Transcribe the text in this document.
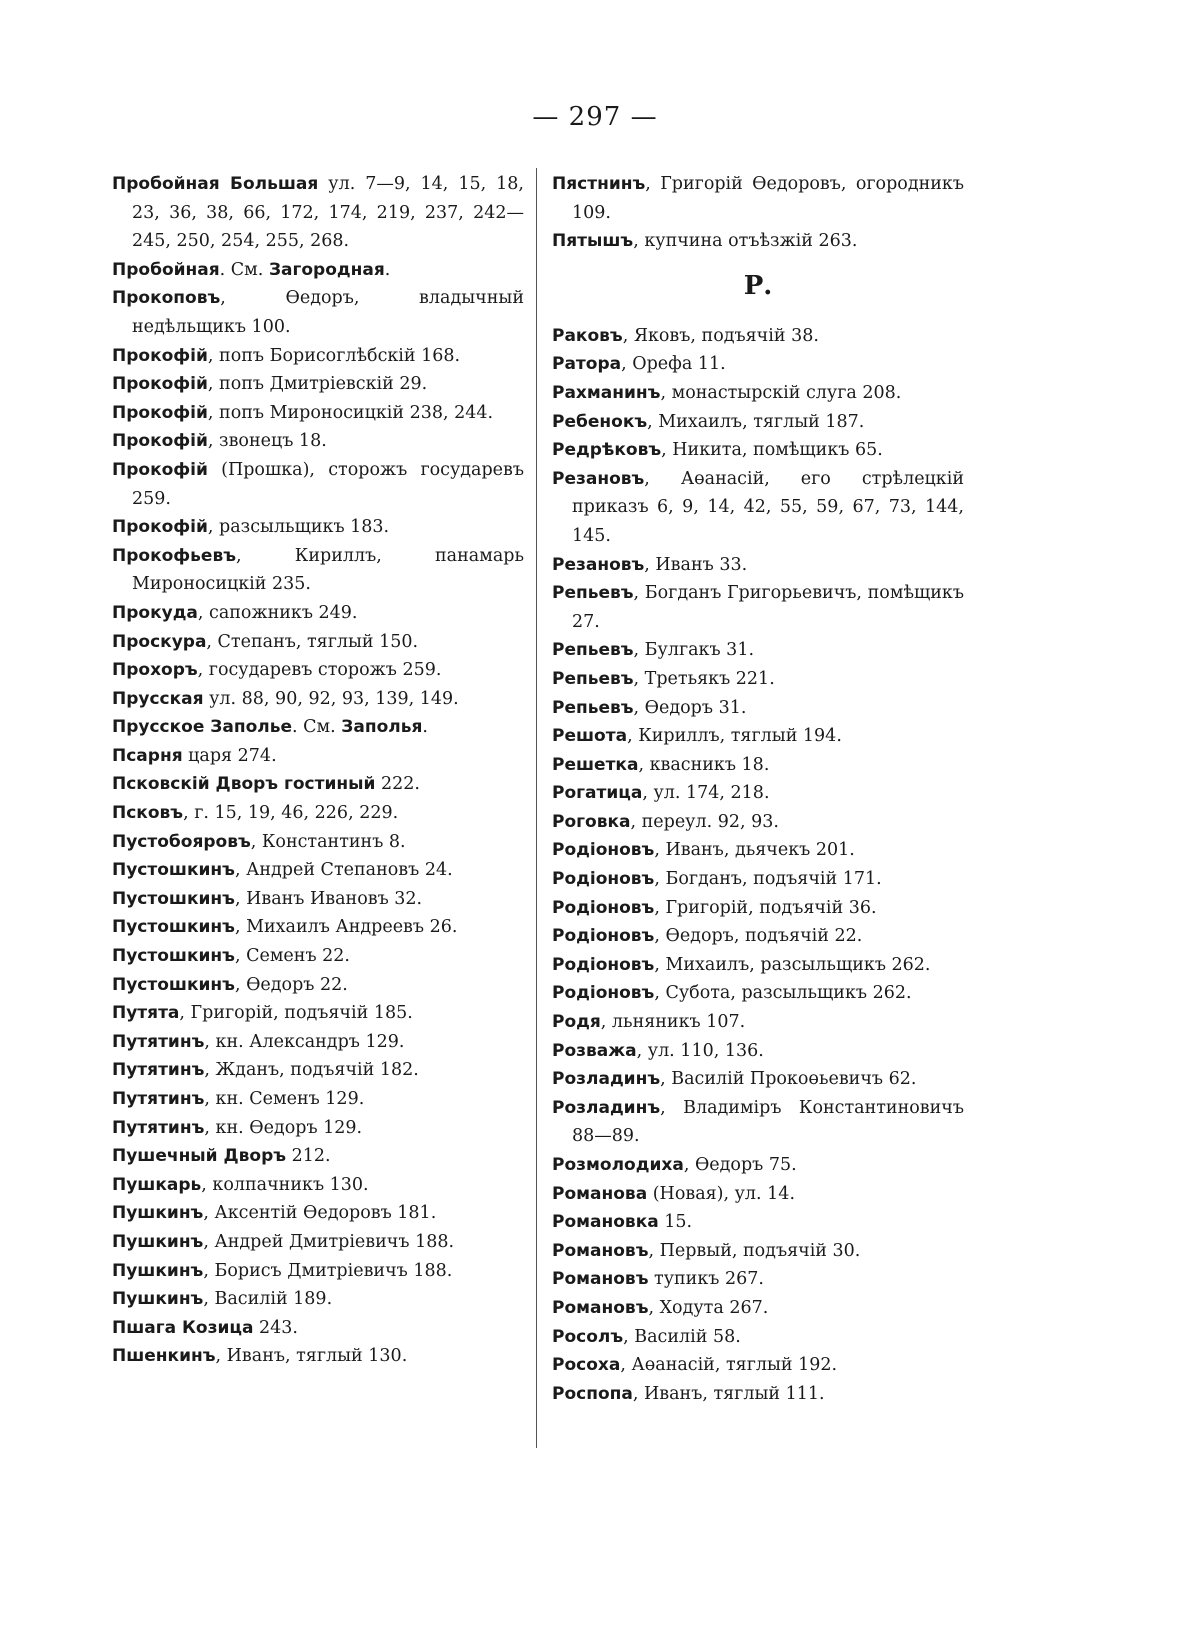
— 297 —
Пробойная Большая ул. 7—9, 14, 15, 18, 23, 36, 38, 66, 172, 174, 219, 237, 242—245, 250, 254, 255, 268.
Пробойная. См. Загородная.
Прокоповъ, Өедоръ, владычный недѣльщикъ 100.
Прокофій, попъ Борисоглѣбскій 168.
Прокофій, попъ Дмитріевскій 29.
Прокофій, попъ Мироносицкій 238, 244.
Прокофій, звонецъ 18.
Прокофій (Прошка), сторожъ государевъ 259.
Прокофій, разсыльщикъ 183.
Прокофьевъ, Кириллъ, панамарь Мироносицкій 235.
Прокуда, сапожникъ 249.
Проскура, Степанъ, тяглый 150.
Прохоръ, государевъ сторожъ 259.
Прусская ул. 88, 90, 92, 93, 139, 149.
Прусское Заполье. См. Заполья.
Псарня царя 274.
Псковскій Дворъ гостиный 222.
Псковъ, г. 15, 19, 46, 226, 229.
Пустобояровъ, Константинъ 8.
Пустошкинъ, Андрей Степановъ 24.
Пустошкинъ, Иванъ Ивановъ 32.
Пустошкинъ, Михаилъ Андреевъ 26.
Пустошкинъ, Семенъ 22.
Пустошкинъ, Өедоръ 22.
Путята, Григорій, подъячій 185.
Путятинъ, кн. Александръ 129.
Путятинъ, Жданъ, подъячій 182.
Путятинъ, кн. Семенъ 129.
Путятинъ, кн. Өедоръ 129.
Пушечный Дворъ 212.
Пушкарь, колпачникъ 130.
Пушкинъ, Аксентій Өедоровъ 181.
Пушкинъ, Андрей Дмитріевичъ 188.
Пушкинъ, Борисъ Дмитріевичъ 188.
Пушкинъ, Василій 189.
Пшага Козица 243.
Пшенкинъ, Иванъ, тяглый 130.
Пястнинъ, Григорій Өедоровъ, огородникъ 109.
Пятышъ, купчина отъѣзжій 263.
Р.
Раковъ, Яковъ, подъячій 38.
Ратора, Орефа 11.
Рахманинъ, монастырскій слуга 208.
Ребенокъ, Михаилъ, тяглый 187.
Редрѣковъ, Никита, помѣщикъ 65.
Резановъ, Аөанасій, его стрѣлецкій приказъ 6, 9, 14, 42, 55, 59, 67, 73, 144, 145.
Резановъ, Иванъ 33.
Репьевъ, Богданъ Григорьевичъ, помѣщикъ 27.
Репьевъ, Булгакъ 31.
Репьевъ, Третьякъ 221.
Репьевъ, Өедоръ 31.
Решота, Кириллъ, тяглый 194.
Решетка, квасникъ 18.
Рогатица, ул. 174, 218.
Роговка, переул. 92, 93.
Родіоновъ, Иванъ, дьячекъ 201.
Родіоновъ, Богданъ, подъячій 171.
Родіоновъ, Григорій, подъячій 36.
Родіоновъ, Өедоръ, подъячій 22.
Родіоновъ, Михаилъ, разсыльщикъ 262.
Родіоновъ, Субота, разсыльщикъ 262.
Родя, льняникъ 107.
Розважа, ул. 110, 136.
Розладинъ, Василій Прокоөьевичъ 62.
Розладинъ, Владиміръ Константиновичъ 88—89.
Розмолодиха, Өедоръ 75.
Романова (Новая), ул. 14.
Романовка 15.
Романовъ, Первый, подъячій 30.
Романовъ тупикъ 267.
Романовъ, Ходута 267.
Росолъ, Василій 58.
Росоха, Аөанасій, тяглый 192.
Роспопа, Иванъ, тяглый 111.
